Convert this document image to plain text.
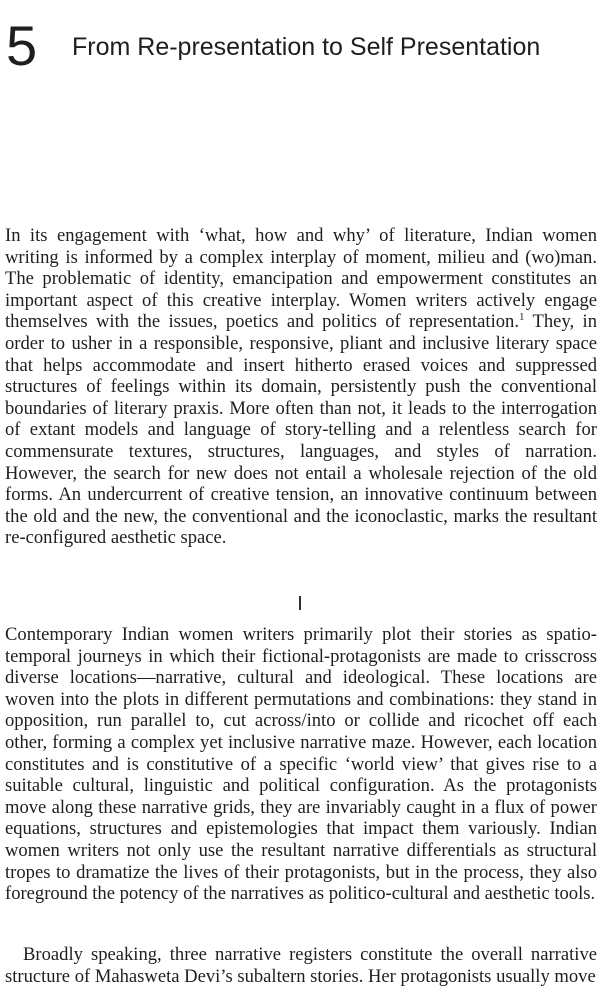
5 From Re-presentation to Self Presentation

In its engagement with ‘what, how and why’ of literature, Indian women writing is informed by a complex interplay of moment, milieu and (wo)man. The problematic of identity, emancipation and empowerment constitutes an important aspect of this creative interplay. Women writers actively engage themselves with the issues, poetics and politics of representation.$^1$ They, in order to usher in a responsible, responsive, pliant and inclusive literary space that helps accommodate and insert hitherto erased voices and suppressed structures of feelings within its domain, persistently push the conventional boundaries of literary praxis. More often than not, it leads to the interrogation of extant models and language of story-telling and a relentless search for commensurate textures, structures, languages, and styles of narration. However, the search for new does not entail a wholesale rejection of the old forms. An undercurrent of creative tension, an innovative continuum between the old and the new, the conventional and the iconoclastic, marks the resultant re-configured aesthetic space.

I

Contemporary Indian women writers primarily plot their stories as spatio-temporal journeys in which their fictional-protagonists are made to crisscross diverse locations—narrative, cultural and ideological. These locations are woven into the plots in different permutations and combinations: they stand in opposition, run parallel to, cut across/into or collide and ricochet off each other, forming a complex yet inclusive narrative maze. However, each location constitutes and is constitutive of a specific ‘world view’ that gives rise to a suitable cultural, linguistic and political configuration. As the protagonists move along these narrative grids, they are invariably caught in a flux of power equations, structures and epistemologies that impact them variously. Indian women writers not only use the resultant narrative differentials as structural tropes to dramatize the lives of their protagonists, but in the process, they also foreground the potency of the narratives as politico-cultural and aesthetic tools.

Broadly speaking, three narrative registers constitute the overall narrative structure of Mahasweta Devi’s subaltern stories. Her protagonists usually move
